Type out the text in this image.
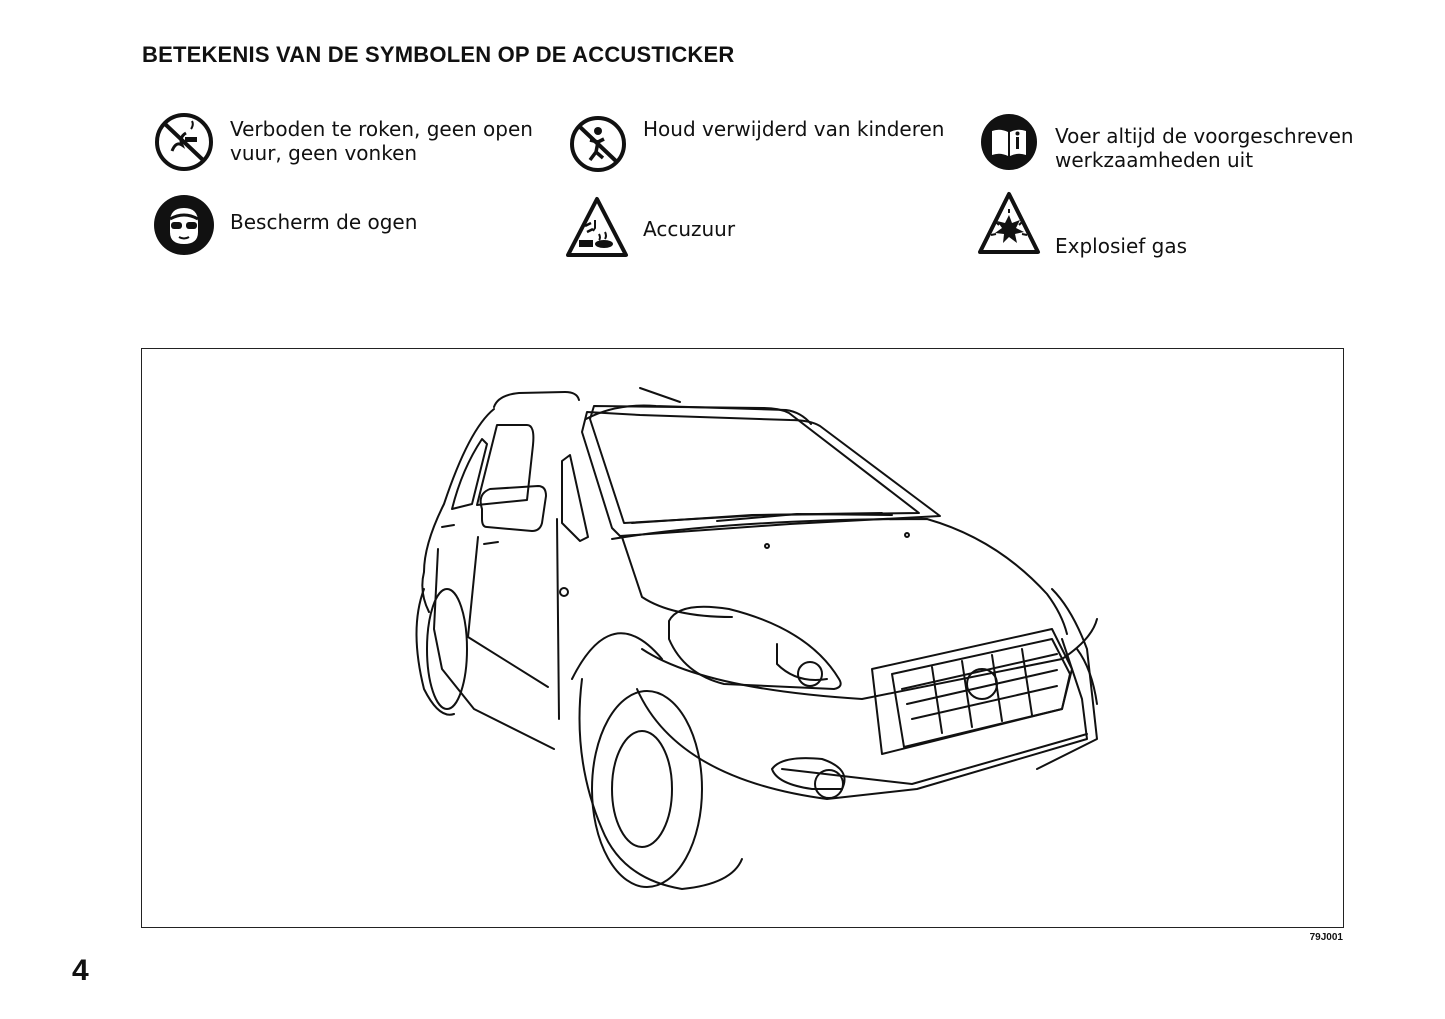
BETEKENIS VAN DE SYMBOLEN OP DE ACCUSTICKER
Verboden te roken, geen open
vuur, geen vonken
Houd verwijderd van kinderen	Voer altijd de voorgeschreven
werkzaamheden uit
Bescherm de ogen	Accuzuur
Explosief gas
79J001
4
